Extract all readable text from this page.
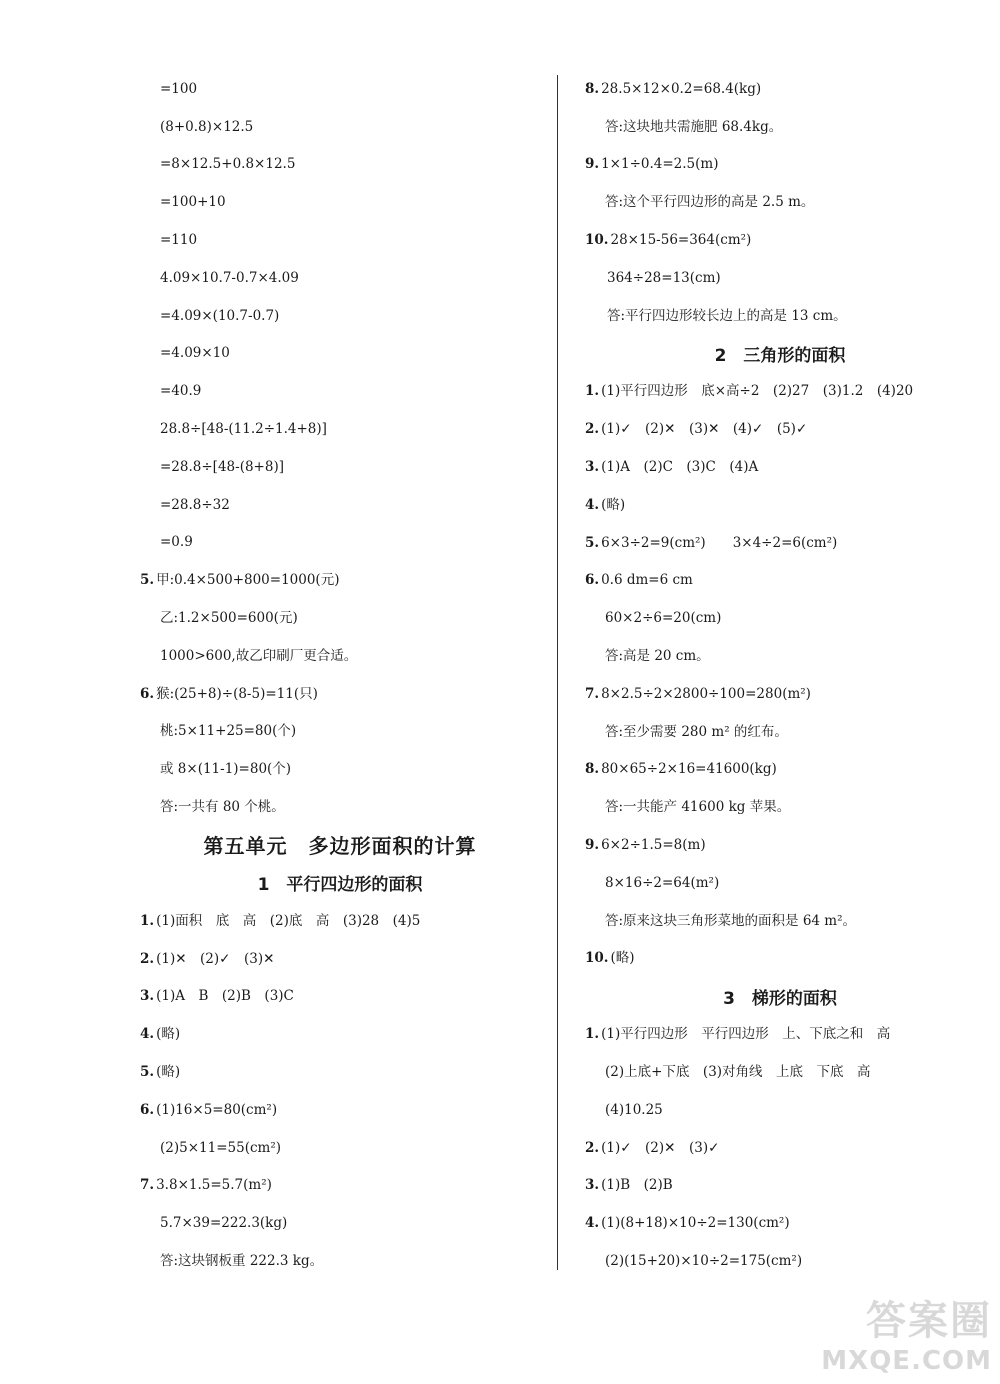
=100
(8+0.8)×12.5
=8×12.5+0.8×12.5
=100+10
=110
4.09×10.7-0.7×4.09
=4.09×(10.7-0.7)
=4.09×10
=40.9
28.8÷[48-(11.2÷1.4+8)]
=28.8÷[48-(8+8)]
=28.8÷32
=0.9
5. 甲:0.4×500+800=1000(元)
乙:1.2×500=600(元)
1000>600,故乙印刷厂更合适。
6. 猴:(25+8)÷(8-5)=11(只)
桃:5×11+25=80(个)
或 8×(11-1)=80(个)
答:一共有 80 个桃。
第五单元　多边形面积的计算
1　平行四边形的面积
1. (1)面积　底　高　(2)底　高　(3)28　(4)5
2. (1)✕　(2)✓　(3)✕
3. (1)A　B　(2)B　(3)C
4. (略)
5. (略)
6. (1)16×5=80(cm²)
(2)5×11=55(cm²)
7. 3.8×1.5=5.7(m²)
5.7×39=222.3(kg)
答:这块钢板重 222.3 kg。
8. 28.5×12×0.2=68.4(kg)
答:这块地共需施肥 68.4kg。
9. 1×1÷0.4=2.5(m)
答:这个平行四边形的高是 2.5 m。
10. 28×15-56=364(cm²)
364÷28=13(cm)
答:平行四边形较长边上的高是 13 cm。
2　三角形的面积
1. (1)平行四边形　底×高÷2　(2)27　(3)1.2　(4)20
2. (1)✓　(2)✕　(3)✕　(4)✓　(5)✓
3. (1)A　(2)C　(3)C　(4)A
4. (略)
5. 6×3÷2=9(cm²)　　3×4÷2=6(cm²)
6. 0.6 dm=6 cm
60×2÷6=20(cm)
答:高是 20 cm。
7. 8×2.5÷2×2800÷100=280(m²)
答:至少需要 280 m² 的红布。
8. 80×65÷2×16=41600(kg)
答:一共能产 41600 kg 苹果。
9. 6×2÷1.5=8(m)
8×16÷2=64(m²)
答:原来这块三角形菜地的面积是 64 m²。
10. (略)
3　梯形的面积
1. (1)平行四边形　平行四边形　上、下底之和　高
(2)上底+下底　(3)对角线　上底　下底　高
(4)10.25
2. (1)✓　(2)✕　(3)✓
3. (1)B　(2)B
4. (1)(8+18)×10÷2=130(cm²)
(2)(15+20)×10÷2=175(cm²)
答案圈
MXQE.COM
